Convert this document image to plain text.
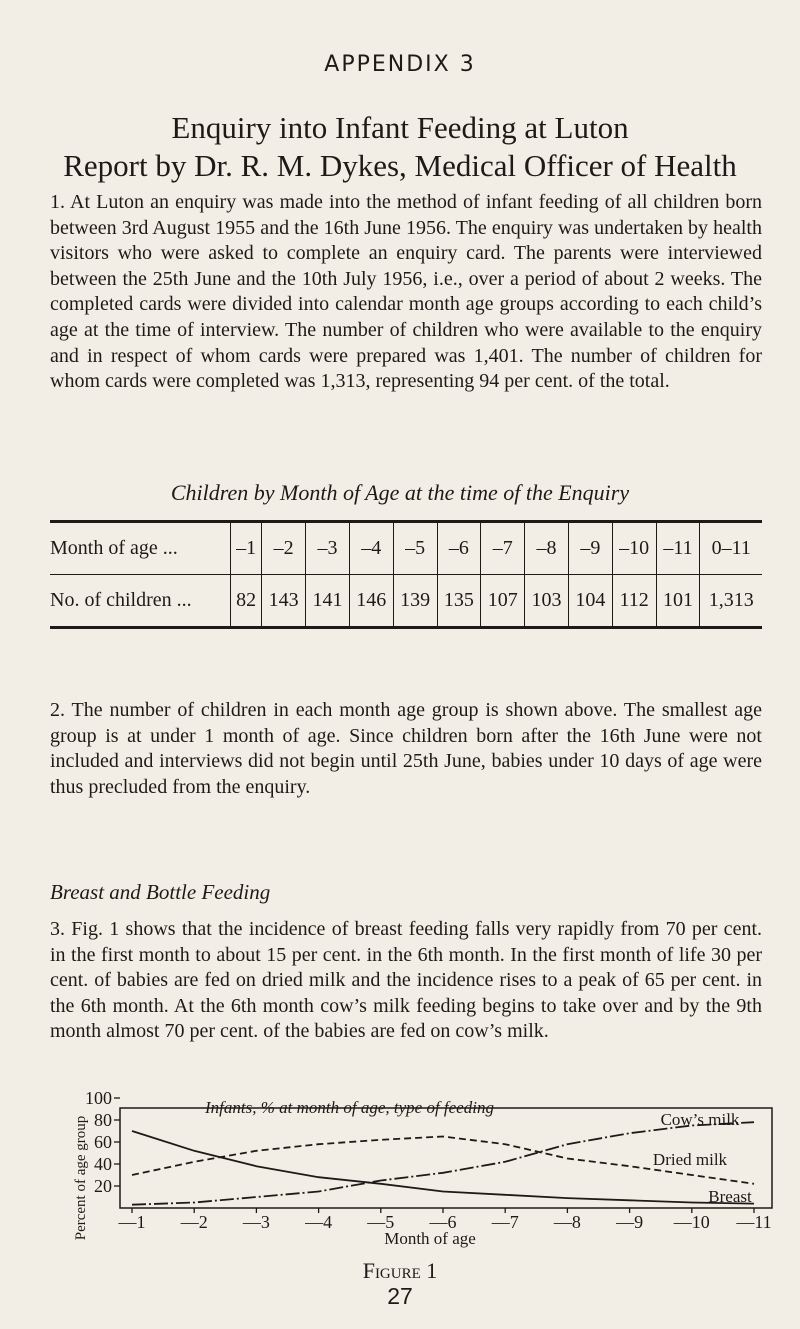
APPENDIX 3
Enquiry into Infant Feeding at Luton
Report by Dr. R. M. Dykes, Medical Officer of Health
1. At Luton an enquiry was made into the method of infant feeding of all children born between 3rd August 1955 and the 16th June 1956. The enquiry was undertaken by health visitors who were asked to complete an enquiry card. The parents were interviewed between the 25th June and the 10th July 1956, i.e., over a period of about 2 weeks. The completed cards were divided into calendar month age groups according to each child’s age at the time of interview. The number of children who were available to the enquiry and in respect of whom cards were prepared was 1,401. The number of children for whom cards were completed was 1,313, representing 94 per cent. of the total.
Children by Month of Age at the time of the Enquiry
Month of age ...	–1	–2	–3	–4	–5	–6	–7	–8	–9	–10	–11	0–11
No. of children ...	82	143	141	146	139	135	107	103	104	112	101	1,313
2. The number of children in each month age group is shown above. The smallest age group is at under 1 month of age. Since children born after the 16th June were not included and interviews did not begin until 25th June, babies under 10 days of age were thus precluded from the enquiry.
Breast and Bottle Feeding
3. Fig. 1 shows that the incidence of breast feeding falls very rapidly from 70 per cent. in the first month to about 15 per cent. in the 6th month. In the first month of life 30 per cent. of babies are fed on dried milk and the incidence rises to a peak of 65 per cent. in the 6th month. At the 6th month cow’s milk feeding begins to take over and by the 9th month almost 70 per cent. of the babies are fed on cow’s milk.
Infants, % at month of age, type of feeding
Percent of age group	Month of age
20
40
60
80
100
—1 —2 —3 —4 —5 —6 —7 —8 —9 —10 —11
Cow’s milk
Dried milk
Breast
Figure 1
27
